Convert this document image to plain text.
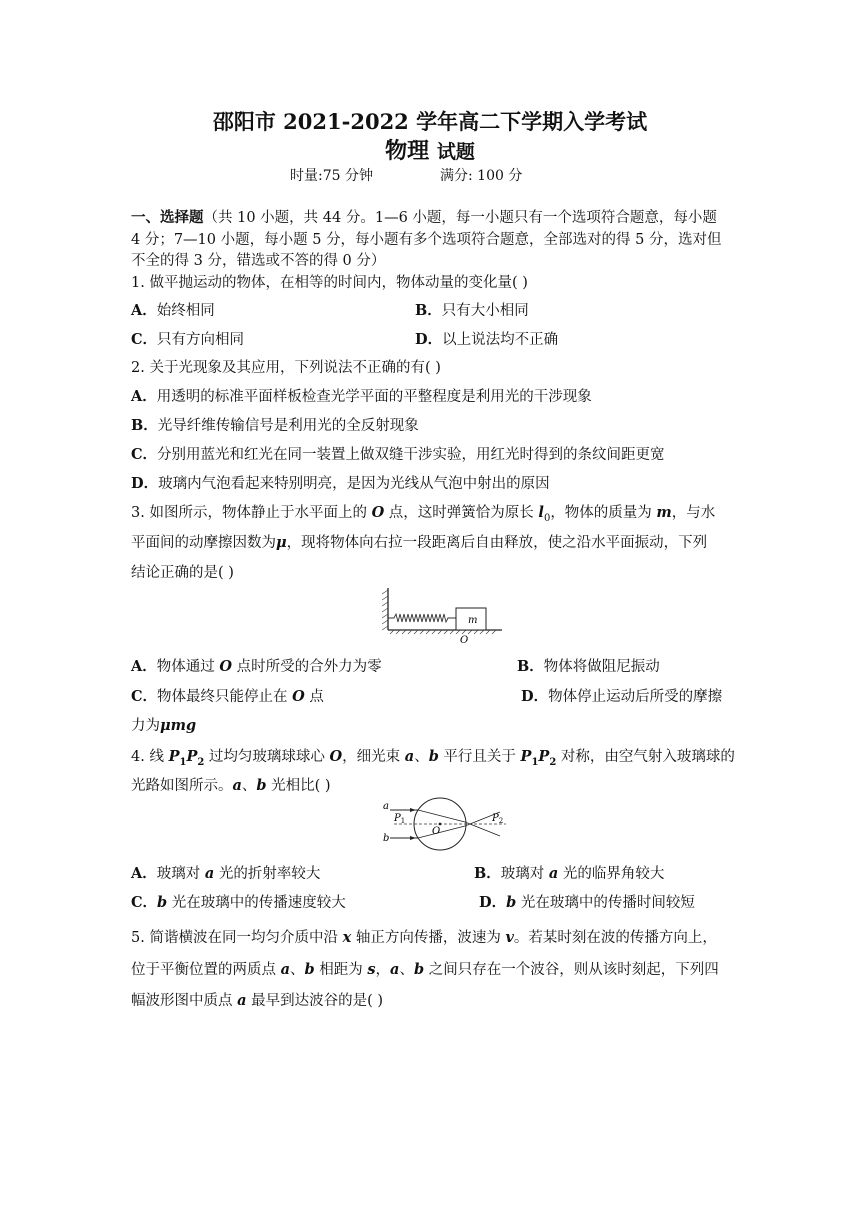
邵阳市 2021-2022 学年高二下学期入学考试
物理 试题
时量:75 分钟	满分: 100 分
一、选择题（共 10 小题，共 44 分。1—6 小题，每一小题只有一个选项符合题意，每小题
4 分；7—10 小题，每小题 5 分，每小题有多个选项符合题意，全部选对的得 5 分，选对但
不全的得 3 分，错选或不答的得 0 分）
1. 做平抛运动的物体，在相等的时间内，物体动量的变化量( )
A．始终相同	B．只有大小相同
C．只有方向相同	D．以上说法均不正确
2. 关于光现象及其应用，下列说法不正确的有( )
A．用透明的标准平面样板检查光学平面的平整程度是利用光的干涉现象
B．光导纤维传输信号是利用光的全反射现象
C．分别用蓝光和红光在同一装置上做双缝干涉实验，用红光时得到的条纹间距更宽
D．玻璃内气泡看起来特别明亮，是因为光线从气泡中射出的原因
3. 如图所示，物体静止于水平面上的 O 点，这时弹簧恰为原长 $l_0$，物体的质量为 m，与水
平面间的动摩擦因数为μ，现将物体向右拉一段距离后自由释放，使之沿水平面振动，下列
结论正确的是( )
m
O
A．物体通过 O 点时所受的合外力为零	B．物体将做阻尼振动
C．物体最终只能停止在 O 点	D．物体停止运动后所受的摩擦
力为μmg
4. 线 $P_1P_2$ 过均匀玻璃球球心 O，细光束 a、b 平行且关于 $P_1P_2$ 对称，由空气射入玻璃球的
光路如图所示。a、b 光相比( )
a
b
$P_1$	$P_2$
O
A．玻璃对 a 光的折射率较大	B．玻璃对 a 光的临界角较大
C．b 光在玻璃中的传播速度较大	D．b 光在玻璃中的传播时间较短
5. 简谐横波在同一均匀介质中沿 x 轴正方向传播，波速为 v。若某时刻在波的传播方向上，
位于平衡位置的两质点 a、b 相距为 s，a、b 之间只存在一个波谷，则从该时刻起，下列四
幅波形图中质点 a 最早到达波谷的是( )
